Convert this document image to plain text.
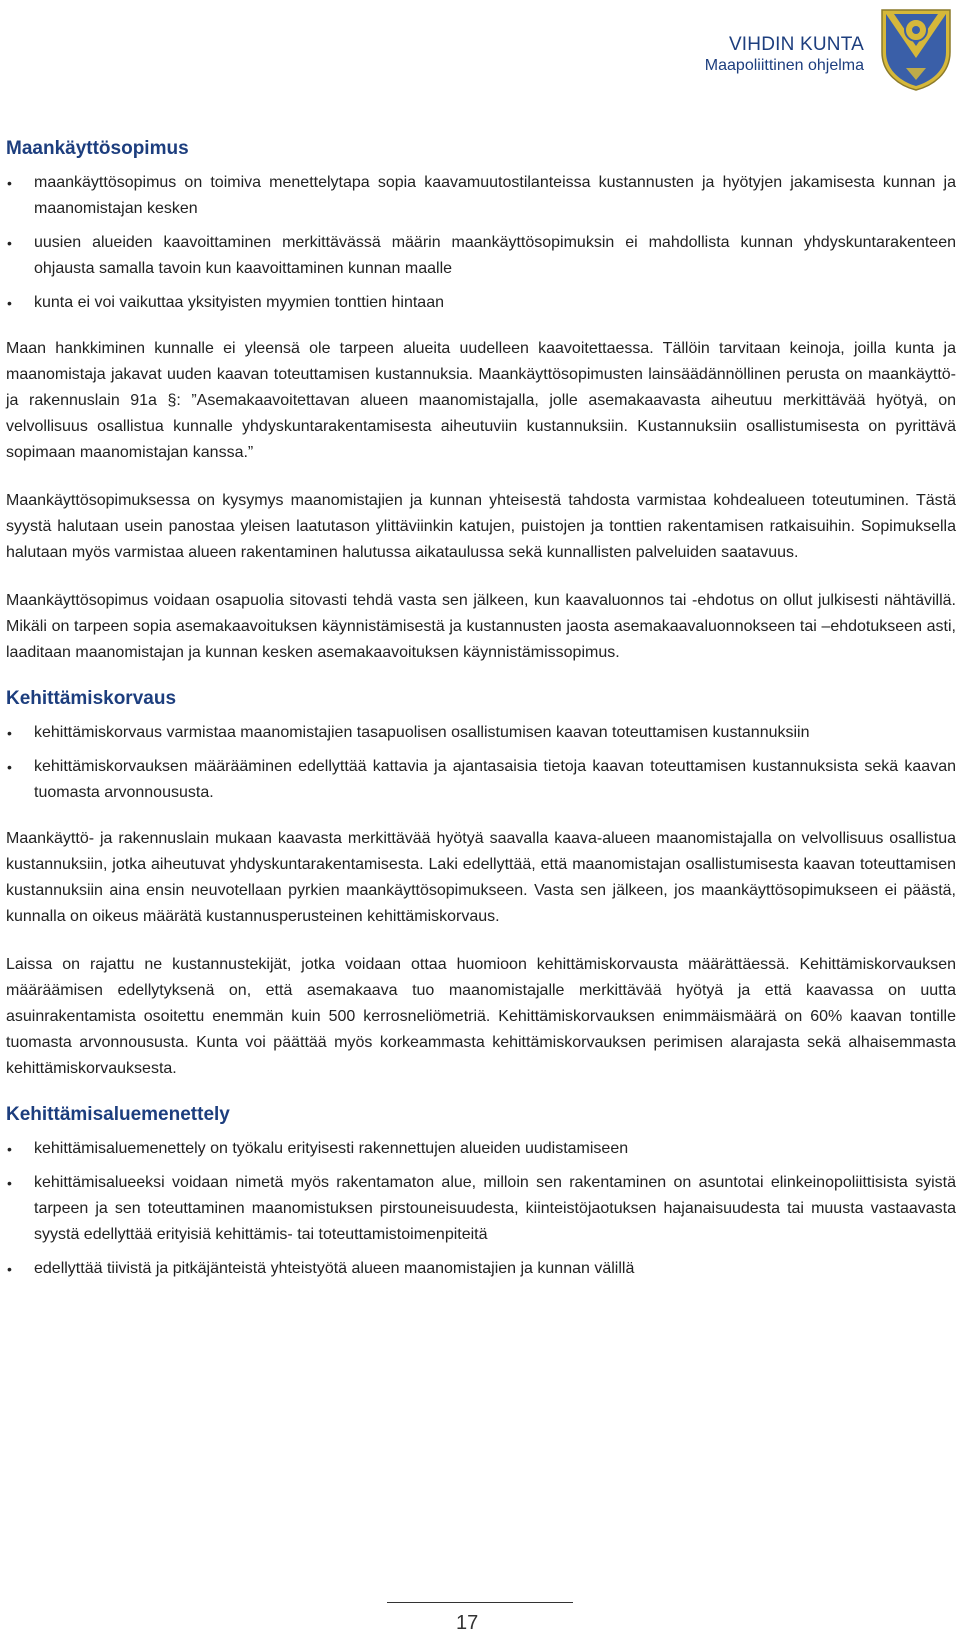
VIHDIN KUNTA
Maapoliittinen ohjelma
Maankäyttösopimus
• maankäyttösopimus on toimiva menettelytapa sopia kaavamuutostilanteissa kustannusten ja hyötyjen jakamisesta kunnan ja maanomistajan kesken
• uusien alueiden kaavoittaminen merkittävässä määrin maankäyttösopimuksin ei mahdollista kunnan yhdyskuntarakenteen ohjausta samalla tavoin kun kaavoittaminen kunnan maalle
• kunta ei voi vaikuttaa yksityisten myymien tonttien hintaan

Maan hankkiminen kunnalle ei yleensä ole tarpeen alueita uudelleen kaavoitettaessa. Tällöin tarvitaan keinoja, joilla kunta ja maanomistaja jakavat uuden kaavan toteuttamisen kustannuksia. Maankäyttösopimusten lainsäädännöllinen perusta on maankäyttö- ja rakennuslain 91a §: ”Asemakaavoitettavan alueen maanomistajalla, jolle asemakaavasta aiheutuu merkittävää hyötyä, on velvollisuus osallistua kunnalle yhdyskuntarakentamisesta aiheutuviin kustannuksiin. Kustannuksiin osallistumisesta on pyrittävä sopimaan maanomistajan kanssa.”

Maankäyttösopimuksessa on kysymys maanomistajien ja kunnan yhteisestä tahdosta varmistaa kohdealueen toteutuminen. Tästä syystä halutaan usein panostaa yleisen laatutason ylittäviinkin katujen, puistojen ja tonttien rakentamisen ratkaisuihin. Sopimuksella halutaan myös varmistaa alueen rakentaminen halutussa aikataulussa sekä kunnallisten palveluiden saatavuus.

Maankäyttösopimus voidaan osapuolia sitovasti tehdä vasta sen jälkeen, kun kaavaluonnos tai -ehdotus on ollut julkisesti nähtävillä. Mikäli on tarpeen sopia asemakaavoituksen käynnistämisestä ja kustannusten jaosta asemakaavaluonnokseen tai –ehdotukseen asti, laaditaan maanomistajan ja kunnan kesken asemakaavoituksen käynnistämissopimus.

Kehittämiskorvaus
• kehittämiskorvaus varmistaa maanomistajien tasapuolisen osallistumisen kaavan toteuttamisen kustannuksiin
• kehittämiskorvauksen määrääminen edellyttää kattavia ja ajantasaisia tietoja kaavan toteuttamisen kustannuksista sekä kaavan tuomasta arvonnoususta.

Maankäyttö- ja rakennuslain mukaan kaavasta merkittävää hyötyä saavalla kaava-alueen maanomistajalla on velvollisuus osallistua kustannuksiin, jotka aiheutuvat yhdyskuntarakentamisesta. Laki edellyttää, että maanomistajan osallistumisesta kaavan toteuttamisen kustannuksiin aina ensin neuvotellaan pyrkien maankäyttösopimukseen. Vasta sen jälkeen, jos maankäyttösopimukseen ei päästä, kunnalla on oikeus määrätä kustannusperusteinen kehittämiskorvaus.

Laissa on rajattu ne kustannustekijät, jotka voidaan ottaa huomioon kehittämiskorvausta määrättäessä. Kehittämiskorvauksen määräämisen edellytyksenä on, että asemakaava tuo maanomistajalle merkittävää hyötyä ja että kaavassa on uutta asuinrakentamista osoitettu enemmän kuin 500 kerrosneliömetriä. Kehittämiskorvauksen enimmäismäärä on 60% kaavan tontille tuomasta arvonnoususta. Kunta voi päättää myös korkeammasta kehittämiskorvauksen perimisen alarajasta sekä alhaisemmasta kehittämiskorvauksesta.

Kehittämisaluemenettely
• kehittämisaluemenettely on työkalu erityisesti rakennettujen alueiden uudistamiseen
• kehittämisalueeksi voidaan nimetä myös rakentamaton alue, milloin sen rakentaminen on asuntotai elinkeinopoliittisista syistä tarpeen ja sen toteuttaminen maanomistuksen pirstouneisuudesta, kiinteistöjaotuksen hajanaisuudesta tai muusta vastaavasta syystä edellyttää erityisiä kehittämis- tai toteuttamistoimenpiteitä
• edellyttää tiivistä ja pitkäjänteistä yhteistyötä alueen maanomistajien ja kunnan välillä
17
